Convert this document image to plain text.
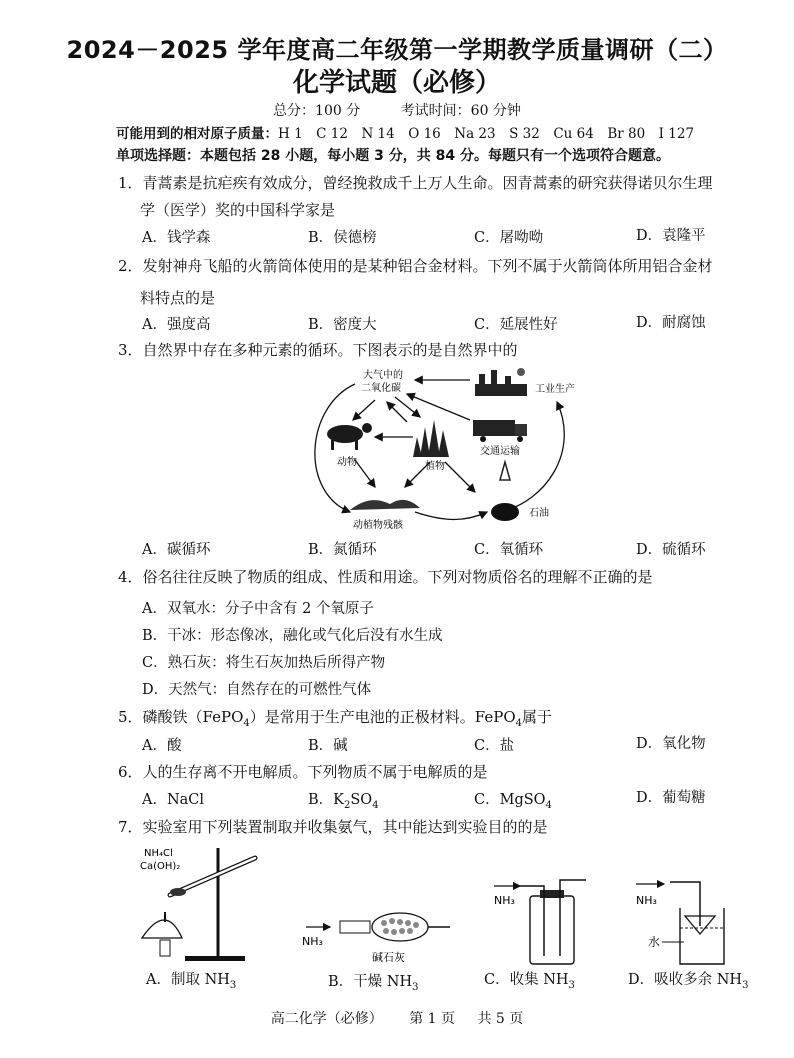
2024－2025 学年度高二年级第一学期教学质量调研（二）
化学试题（必修）
总分：100 分	考试时间：60 分钟
可能用到的相对原子质量：H 1　C 12　N 14　O 16　Na 23　S 32　Cu 64　Br 80　I 127
单项选择题：本题包括 28 小题，每小题 3 分，共 84 分。每题只有一个选项符合题意。
1．青蒿素是抗疟疾有效成分，曾经挽救成千上万人生命。因青蒿素的研究获得诺贝尔生理
学（医学）奖的中国科学家是
A．钱学森	B．侯德榜	C．屠呦呦	D．袁隆平
2．发射神舟飞船的火箭筒体使用的是某种铝合金材料。下列不属于火箭筒体所用铝合金材
料特点的是
A．强度高	B．密度大	C．延展性好	D．耐腐蚀
3．自然界中存在多种元素的循环。下图表示的是自然界中的
大气中的
二氧化碳	工业生产
交通运输
动物	植物
石油
动植物残骸
A．碳循环	B．氮循环	C．氧循环	D．硫循环
4．俗名往往反映了物质的组成、性质和用途。下列对物质俗名的理解不正确的是
A．双氧水：分子中含有 2 个氧原子
B．干冰：形态像冰，融化或气化后没有水生成
C．熟石灰：将生石灰加热后所得产物
D．天然气：自然存在的可燃性气体
5．磷酸铁（FePO$_4$）是常用于生产电池的正极材料。FePO$_4$属于
A．酸	B．碱	C．盐	D．氧化物
6．人的生存离不开电解质。下列物质不属于电解质的是
A．NaCl	B．$K_2SO_4$	C．MgSO$_4$	D．葡萄糖
7．实验室用下列装置制取并收集氨气，其中能达到实验目的的是
NH₄Cl
Ca(OH)₂
NH₃
碱石灰
NH₃	NH₃
水
A．制取 $NH_3$	B．干燥 $NH_3$	C．收集 $NH_3$	D．吸收多余 $NH_3$
高二化学（必修） 第 1 页 共 5 页
